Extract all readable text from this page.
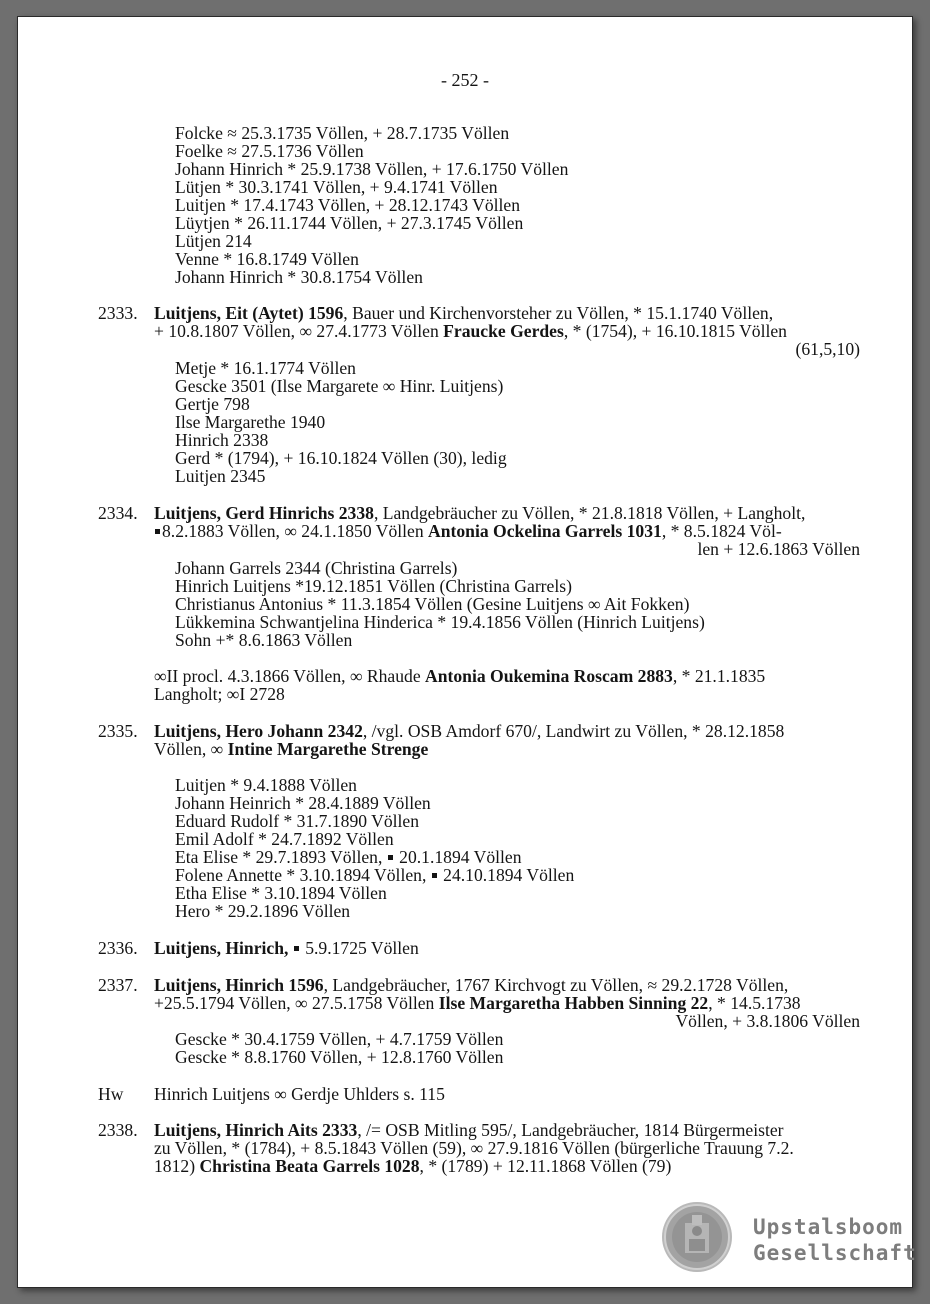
- 252 -
Folcke ≈ 25.3.1735 Völlen, + 28.7.1735 Völlen
Foelke ≈ 27.5.1736 Völlen
Johann Hinrich * 25.9.1738 Völlen, + 17.6.1750 Völlen
Lütjen * 30.3.1741 Völlen, + 9.4.1741 Völlen
Luitjen * 17.4.1743 Völlen, + 28.12.1743 Völlen
Lüytjen * 26.11.1744 Völlen, + 27.3.1745 Völlen
Lütjen 214
Venne * 16.8.1749 Völlen
Johann Hinrich * 30.8.1754 Völlen
2333. Luitjens, Eit (Aytet) 1596, Bauer und Kirchenvorsteher zu Völlen, * 15.1.1740 Völlen,
+ 10.8.1807 Völlen, ∞ 27.4.1773 Völlen Fraucke Gerdes, * (1754), + 16.10.1815 Völlen
(61,5,10)
Metje * 16.1.1774 Völlen
Gescke 3501 (Ilse Margarete ∞ Hinr. Luitjens)
Gertje 798
Ilse Margarethe 1940
Hinrich 2338
Gerd * (1794), + 16.10.1824 Völlen (30), ledig
Luitjen 2345
2334. Luitjens, Gerd Hinrichs 2338, Landgebräucher zu Völlen, * 21.8.1818 Völlen, + Langholt,
8.2.1883 Völlen, ∞ 24.1.1850 Völlen Antonia Ockelina Garrels 1031, * 8.5.1824 Völ-
len + 12.6.1863 Völlen
Johann Garrels 2344 (Christina Garrels)
Hinrich Luitjens *19.12.1851 Völlen (Christina Garrels)
Christianus Antonius * 11.3.1854 Völlen (Gesine Luitjens ∞ Ait Fokken)
Lükkemina Schwantjelina Hinderica * 19.4.1856 Völlen (Hinrich Luitjens)
Sohn +* 8.6.1863 Völlen
∞II procl. 4.3.1866 Völlen, ∞ Rhaude Antonia Oukemina Roscam 2883, * 21.1.1835
Langholt; ∞I 2728
2335. Luitjens, Hero Johann 2342, /vgl. OSB Amdorf 670/, Landwirt zu Völlen, * 28.12.1858
Völlen, ∞ Intine Margarethe Strenge
Luitjen * 9.4.1888 Völlen
Johann Heinrich * 28.4.1889 Völlen
Eduard Rudolf * 31.7.1890 Völlen
Emil Adolf * 24.7.1892 Völlen
Eta Elise * 29.7.1893 Völlen, 20.1.1894 Völlen
Folene Annette * 3.10.1894 Völlen, 24.10.1894 Völlen
Etha Elise * 3.10.1894 Völlen
Hero * 29.2.1896 Völlen
2336. Luitjens, Hinrich, 5.9.1725 Völlen
2337. Luitjens, Hinrich 1596, Landgebräucher, 1767 Kirchvogt zu Völlen, ≈ 29.2.1728 Völlen,
+25.5.1794 Völlen, ∞ 27.5.1758 Völlen Ilse Margaretha Habben Sinning 22, * 14.5.1738
Völlen, + 3.8.1806 Völlen
Gescke * 30.4.1759 Völlen, + 4.7.1759 Völlen
Gescke * 8.8.1760 Völlen, + 12.8.1760 Völlen
Hw Hinrich Luitjens ∞ Gerdje Uhlders s. 115
2338. Luitjens, Hinrich Aits 2333, /= OSB Mitling 595/, Landgebräucher, 1814 Bürgermeister
zu Völlen, * (1784), + 8.5.1843 Völlen (59), ∞ 27.9.1816 Völlen (bürgerliche Trauung 7.2.
1812) Christina Beata Garrels 1028, * (1789) + 12.11.1868 Völlen (79)
Upstalsboom
Gesellschaft
